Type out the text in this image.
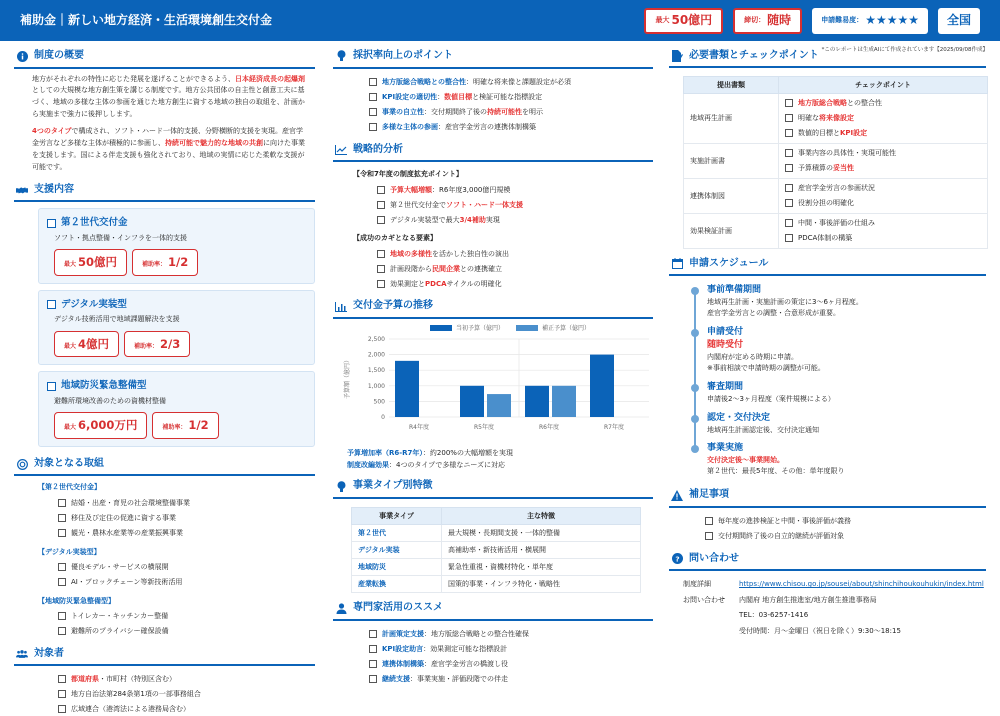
補助金｜新しい地方経済・生活環境創生交付金	最大 50億円	締切： 随時	申請難易度： ★★★★★ 全国
制度の概要

地方がそれぞれの特性に応じた発展を遂げることができるよう、日本経済成長の起爆剤としての大規模な地方創生策を講じる制度です。地方公共団体の自主性と創意工夫に基づく、地域の多様な主体の参画を通じた地方創生に資する地域の独自の取組を、計画から実施まで強力に後押しします。

4つのタイプで構成され、ソフト・ハード一体的支援、分野横断的支援を実現。産官学金労言など多様な主体が積極的に参画し、持続可能で魅力的な地域の共創に向けた事業を支援します。国による伴走支援も強化されており、地域の実情に応じた柔軟な支援が可能です。

支援内容
第２世代交付金
ソフト・拠点整備・インフラを一体的支援
最大 50億円	補助率： 1/2
デジタル実装型
デジタル技術活用で地域課題解決を支援
最大 4億円	補助率： 2/3
地域防災緊急整備型
避難所環境改善のための資機材整備
最大 6,000万円	補助率： 1/2
対象となる取組
【第２世代交付金】
結婚・出産・育児の社会環境整備事業
移住及び定住の促進に資する事業
観光・農林水産業等の産業振興事業
【デジタル実装型】
優良モデル・サービスの横展開
AI・ブロックチェーン等新技術活用
【地域防災緊急整備型】
トイレカー・キッチンカー整備
避難所のプライバシー確保設備
対象者
都道府県 ・市町村（特別区含む）
地方自治法第284条第1項の一部事務組合
広域連合（港湾法による港務局含む）
採択率向上のポイント
地方版総合戦略との整合性 ： 明確な将来像と課題設定が必須
KPI設定の適切性 ： 数値目標 と検証可能な指標設定
事業の自立性 ： 交付期間終了後の 持続可能性 を明示
多様な主体の参画 ： 産官学金労言の連携体制構築
戦略的分析
【令和7年度の制度拡充ポイント】
予算大幅増額 ：R6年度3,000億円規模
第２世代交付金で ソフト・ハード一体支援
デジタル実装型で最大 3/4補助 実現
【成功のカギとなる要素】
地域の多様性 を活かした独自性の演出
計画段階から 民間企業 との連携確立
効果測定と PDCA サイクルの明確化
交付金予算の推移
当初予算（億円）	補正予算（億円）
0
500
1,000
1,500
2,000
2,500
予算額（億円）
R4年度	R5年度	R6年度	R7年度
予算増加率（R6-R7年）：約200%の大幅増額を実現
制度改編効果：4つのタイプで多様なニーズに対応
事業タイプ別特徴
事業タイプ	主な特徴
第２世代	最大規模・長期間支援・一体的整備
デジタル実装	高補助率・新技術活用・横展開
地域防災	緊急性重視・資機材特化・単年度
産業転換	国策的事業・インフラ特化・戦略性
専門家活用のススメ
計画策定支援 ：地方版総合戦略との整合性確保
KPI設定助言 ：効果測定可能な指標設計
連携体制構築 ：産官学金労言の橋渡し役
継続支援 ：事業実施・評価段階での伴走
必要書類とチェックポイント *このレポートは生成AIにて作成されています【2025/09/08作成】
提出書類	チェックポイント
地域再生計画	
地方版総合戦略 との整合性
明確な 将来像設定
数値的目標と KPI設定

実施計画書	
事業内容の具体性・実現可能性
予算積算の 妥当性

連携体制図	
産官学金労言の参画状況
役割分担の明確化

効果検証計画	
中間・事後評価の仕組み
PDCA体制の構築
申請スケジュール
事前準備期間
地域再生計画・実施計画の策定に3〜6ヶ月程度。
産官学金労言との調整・合意形成が重要。
申請受付
随時受付
内閣府が定める時期に申請。
※事前相談で申請時期の調整が可能。
審査期間
申請後2〜3ヶ月程度（案件規模による）
認定・交付決定
地域再生計画認定後、交付決定通知
事業実施
交付決定後〜事業開始。
第２世代：最長5年度、その他：単年度限り
補足事項
毎年度の進捗検証と中間・事後評価が義務
交付期間終了後の自立的継続が評価対象
? 問い合わせ
制度詳細	https://www.chisou.go.jp/sousei/about/shinchihoukouhukin/index.html
お問い合わせ	内閣府 地方創生推進室/地方創生推進事務局
TEL：03-6257-1416
受付時間：月〜金曜日（祝日を除く）9:30〜18:15
